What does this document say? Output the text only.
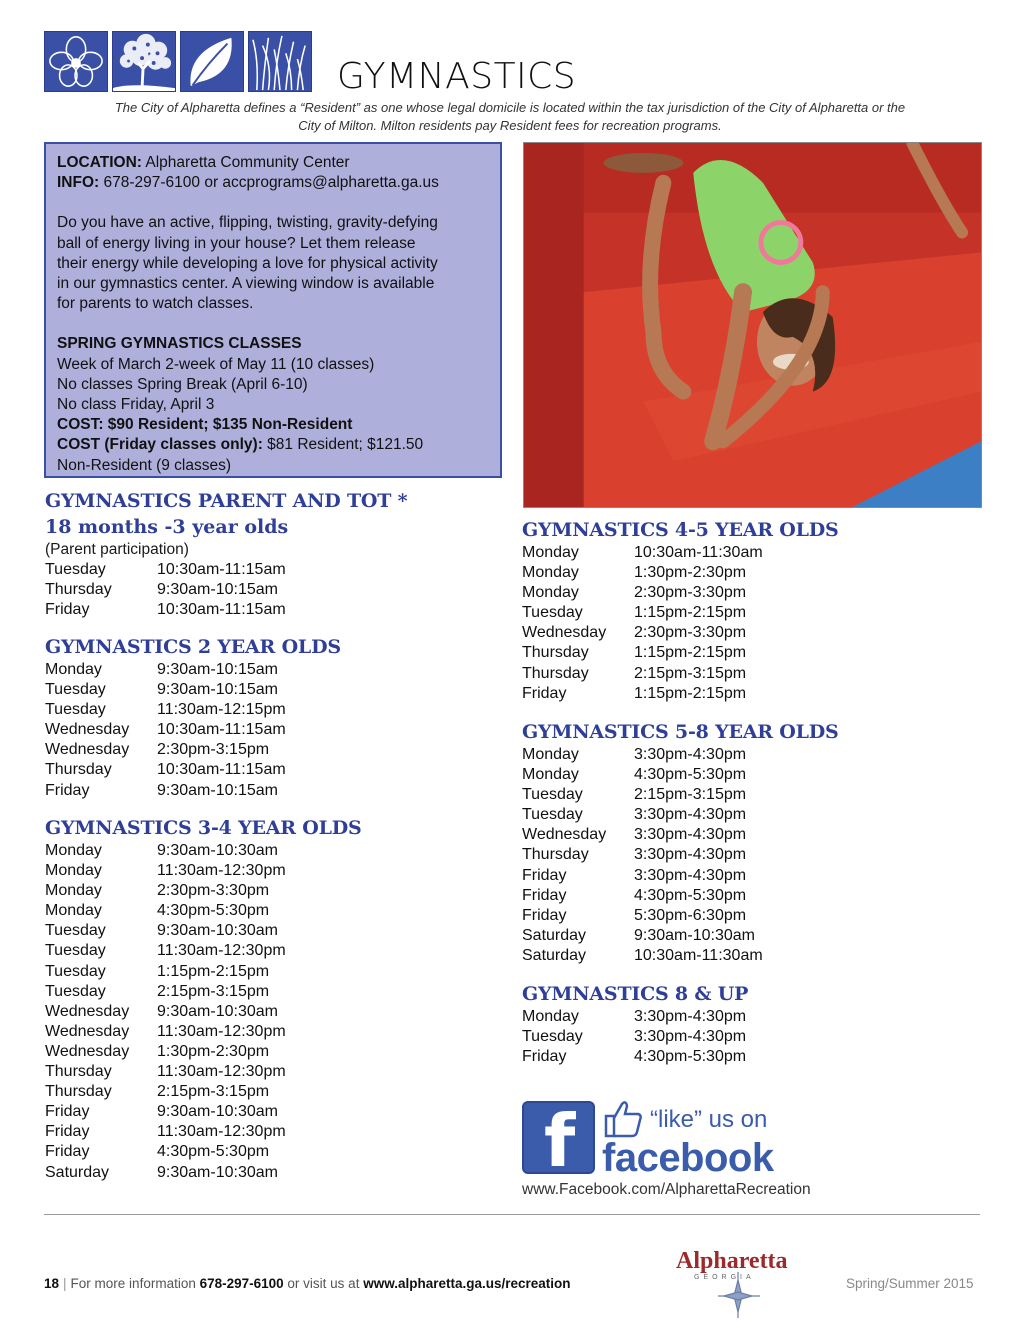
GYMNASTICS
The City of Alpharetta defines a “Resident” as one whose legal domicile is located within the tax jurisdiction of the City of Alpharetta or the
City of Milton. Milton residents pay Resident fees for recreation programs.
LOCATION: Alpharetta Community Center
INFO: 678-297-6100 or accprograms@alpharetta.ga.us
Do you have an active, flipping, twisting, gravity-defying
ball of energy living in your house? Let them release
their energy while developing a love for physical activity
in our gymnastics center. A viewing window is available
for parents to watch classes.
SPRING GYMNASTICS CLASSES
Week of March 2-week of May 11 (10 classes)
No classes Spring Break (April 6-10)
No class Friday, April 3
COST: $90 Resident; $135 Non-Resident
COST (Friday classes only): $81 Resident; $121.50
Non-Resident (9 classes)
GYMNASTICS PARENT AND TOT *
18 months -3 year olds
(Parent participation)
Tuesday	10:30am-11:15am
Thursday	9:30am-10:15am
Friday	10:30am-11:15am
GYMNASTICS 2 YEAR OLDS
Monday	9:30am-10:15am
Tuesday	9:30am-10:15am
Tuesday	11:30am-12:15pm
Wednesday	10:30am-11:15am
Wednesday	2:30pm-3:15pm
Thursday	10:30am-11:15am
Friday	9:30am-10:15am
GYMNASTICS 3-4 YEAR OLDS
Monday	9:30am-10:30am
Monday	11:30am-12:30pm
Monday	2:30pm-3:30pm
Monday	4:30pm-5:30pm
Tuesday	9:30am-10:30am
Tuesday	11:30am-12:30pm
Tuesday	1:15pm-2:15pm
Tuesday	2:15pm-3:15pm
Wednesday	9:30am-10:30am
Wednesday	11:30am-12:30pm
Wednesday	1:30pm-2:30pm
Thursday	11:30am-12:30pm
Thursday	2:15pm-3:15pm
Friday	9:30am-10:30am
Friday	11:30am-12:30pm
Friday	4:30pm-5:30pm
Saturday	9:30am-10:30am
GYMNASTICS 4-5 YEAR OLDS
Monday	10:30am-11:30am
Monday	1:30pm-2:30pm
Monday	2:30pm-3:30pm
Tuesday	1:15pm-2:15pm
Wednesday	2:30pm-3:30pm
Thursday	1:15pm-2:15pm
Thursday	2:15pm-3:15pm
Friday	1:15pm-2:15pm
GYMNASTICS 5-8 YEAR OLDS
Monday	3:30pm-4:30pm
Monday	4:30pm-5:30pm
Tuesday	2:15pm-3:15pm
Tuesday	3:30pm-4:30pm
Wednesday	3:30pm-4:30pm
Thursday	3:30pm-4:30pm
Friday	3:30pm-4:30pm
Friday	4:30pm-5:30pm
Friday	5:30pm-6:30pm
Saturday	9:30am-10:30am
Saturday	10:30am-11:30am
GYMNASTICS 8 & UP
Monday	3:30pm-4:30pm
Tuesday	3:30pm-4:30pm
Friday	4:30pm-5:30pm
f	“like” us on
facebook
www.Facebook.com/AlpharettaRecreation
18 | For more information 678-297-6100 or visit us at www.alpharetta.ga.us/recreation
Alpharetta
GEORGIA	Spring/Summer 2015
